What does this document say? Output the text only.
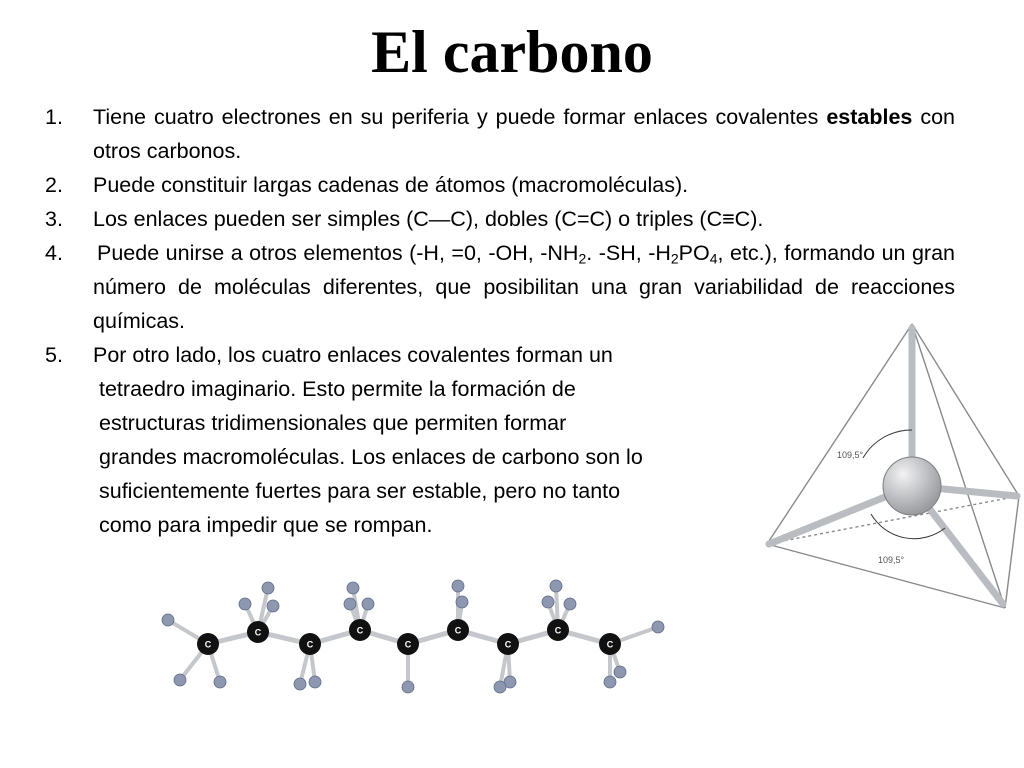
El carbono
1.	Tiene cuatro electrones en su periferia y puede formar enlaces covalentes estables con otros carbonos.
2.	Puede constituir largas cadenas de átomos (macromoléculas).
3.	Los enlaces pueden ser simples (C—C), dobles (C=C) o triples (C≡C).
4.	Puede unirse a otros elementos (-H, =0, -OH, $-NH_2$. -SH, $-H_2PO_4$, etc.), formando un gran número de moléculas diferentes, que posibilitan una gran variabilidad de reacciones químicas.
5.	Por otro lado, los cuatro enlaces covalentes forman un
tetraedro imaginario. Esto permite la formación de
estructuras tridimensionales que permiten formar
grandes macromoléculas. Los enlaces de carbono son lo
suficientemente fuertes para ser estable, pero no tanto
como para impedir que se rompan.
109,5°
109,5°
C
C
C
C
C
C
C
C
C
